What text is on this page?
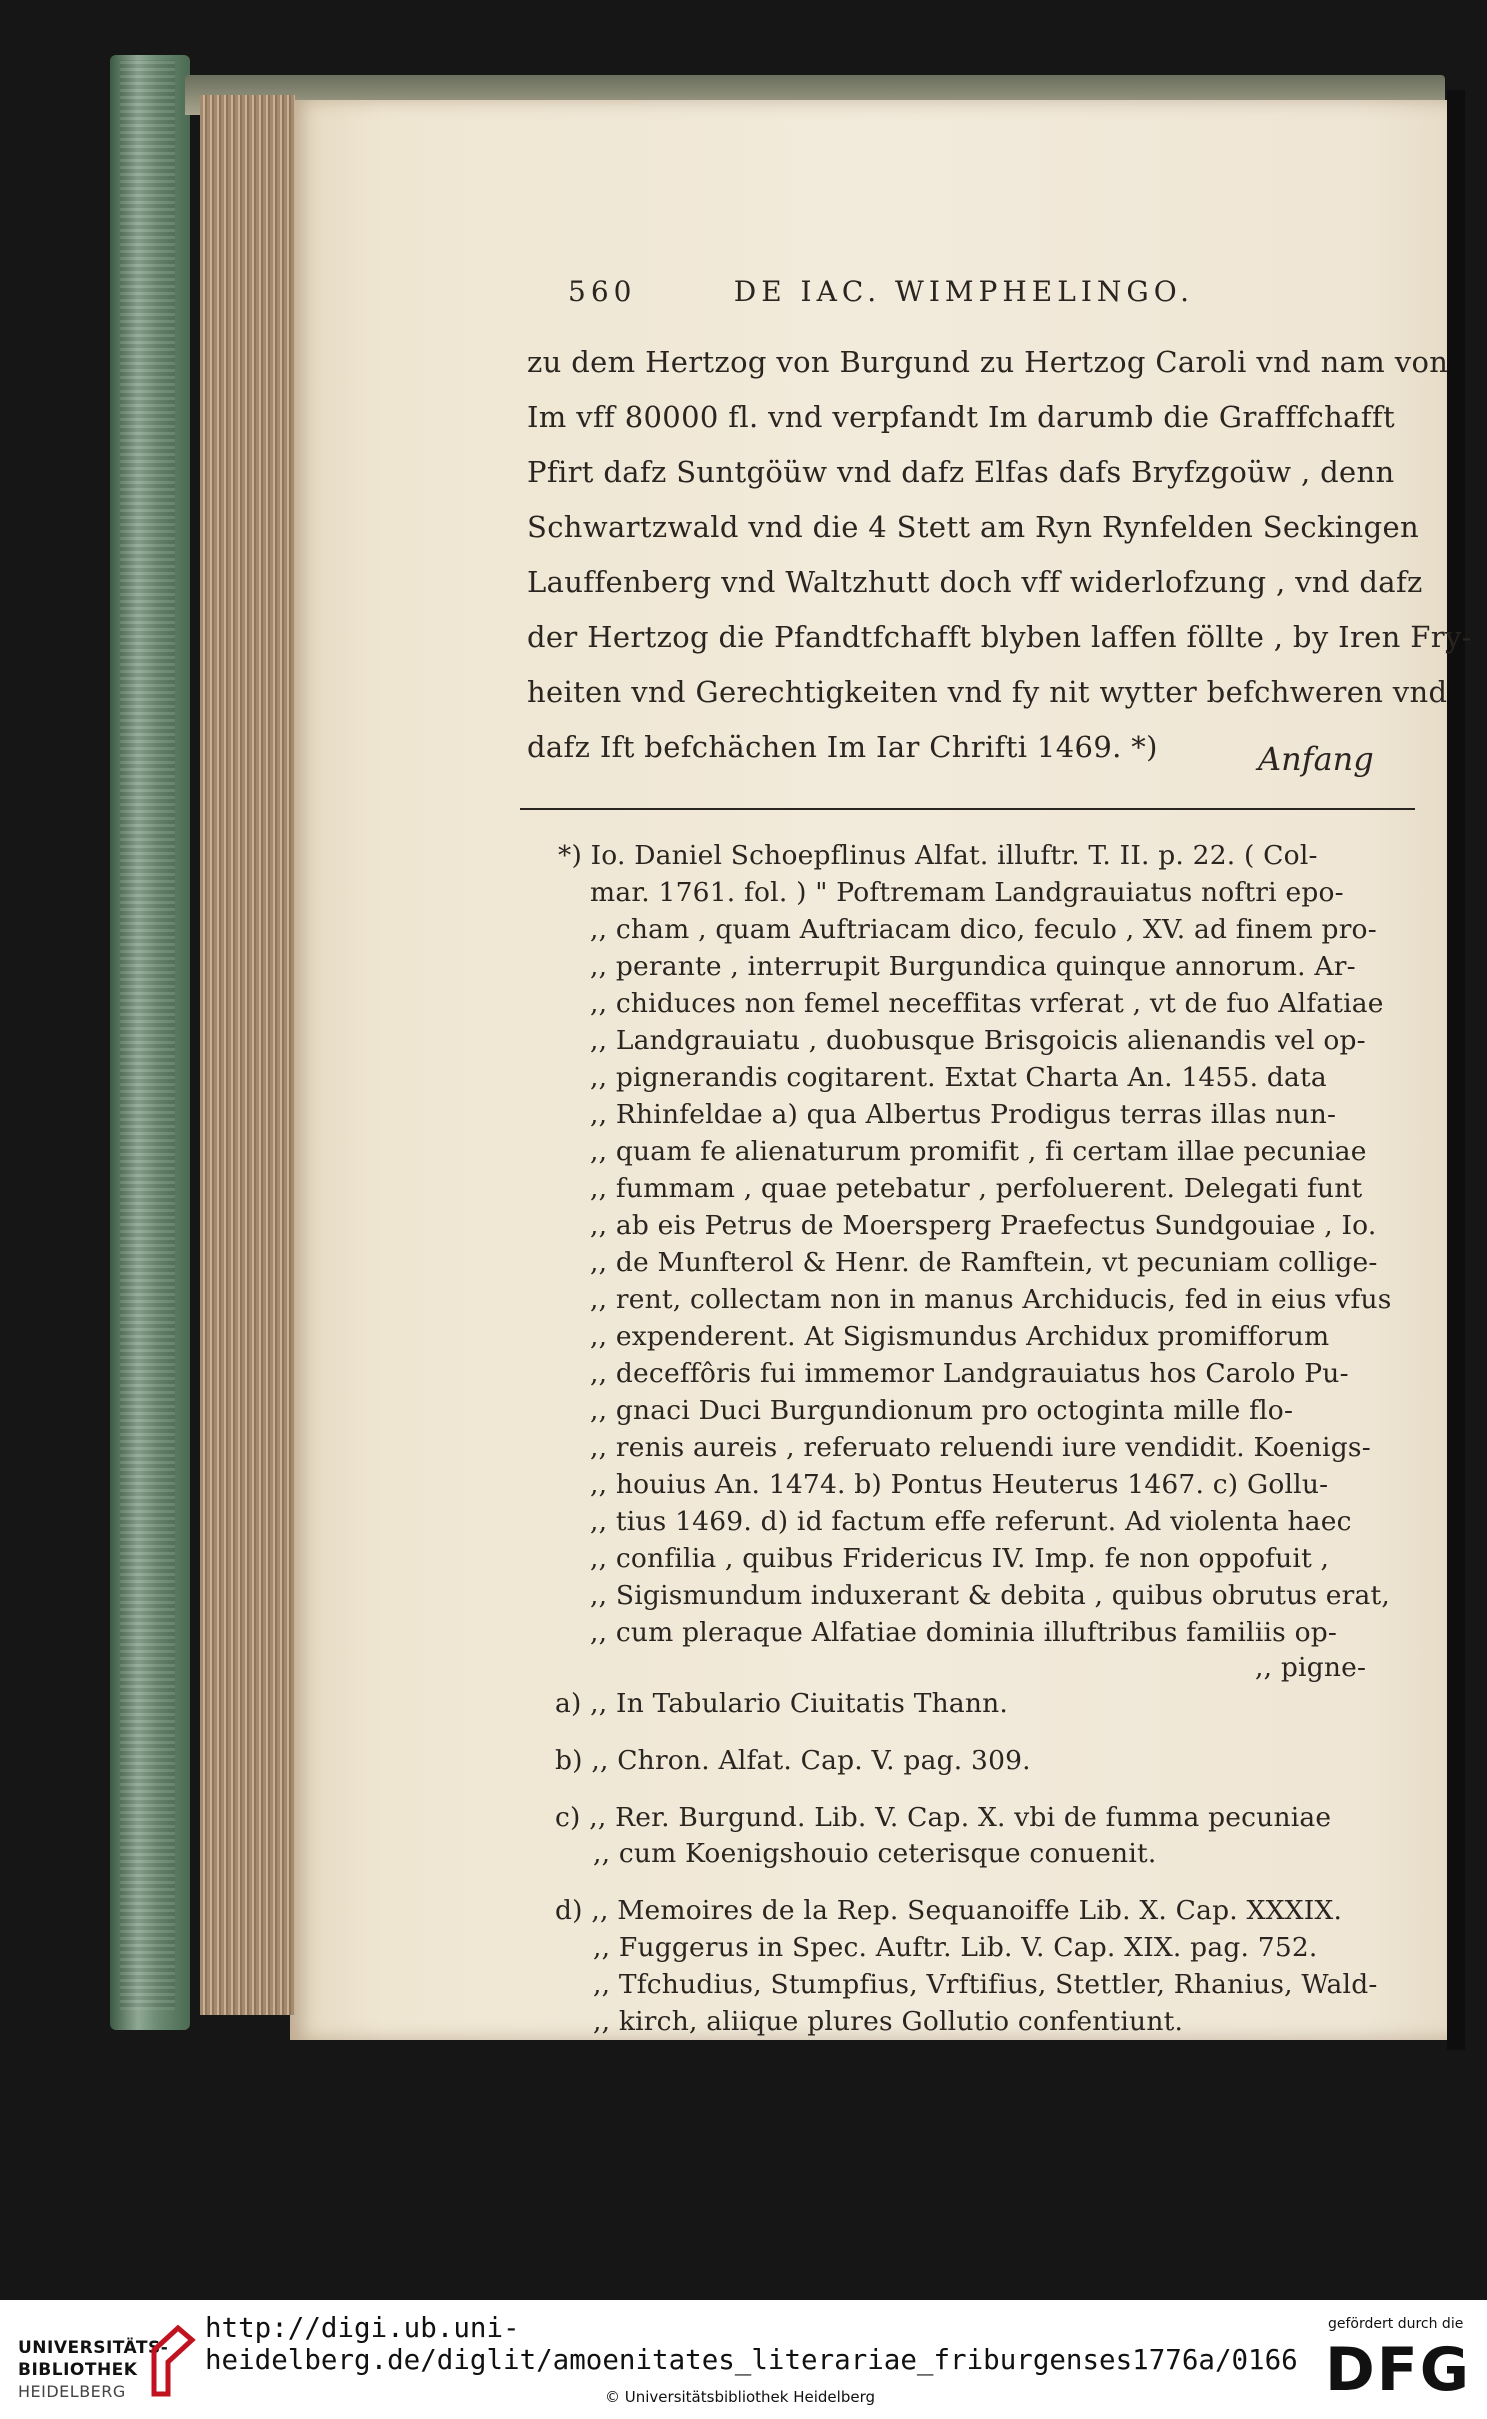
560       DE IAC. WIMPHELINGO.
zu dem Hertzog von Burgund zu Hertzog Caroli vnd nam von
Im vff 80000 fl. vnd verpfandt Im darumb die Grafffchafft
Pfirt dafz Suntgöüw vnd dafz Elfas dafs Bryfzgoüw , denn
Schwartzwald vnd die 4 Stett am Ryn Rynfelden Seckingen
Lauffenberg vnd Waltzhutt doch vff widerlofzung , vnd dafz
der Hertzog die Pfandtfchafft blyben laffen föllte , by Iren Fry-
heiten vnd Gerechtigkeiten vnd fy nit wytter befchweren vnd
dafz Ift befchächen Im Iar Chrifti 1469. *)	Anfang
*) Io. Daniel Schoepflinus Alfat. illuftr. T. II. p. 22. ( Col-
mar. 1761. fol. ) " Poftremam Landgrauiatus noftri epo-
,, cham , quam Auftriacam dico, feculo , XV. ad finem pro-
,, perante , interrupit Burgundica quinque annorum. Ar-
,, chiduces non femel neceffitas vrferat , vt de fuo Alfatiae
,, Landgrauiatu , duobusque Brisgoicis alienandis vel op-
,, pignerandis cogitarent. Extat Charta An. 1455. data
,, Rhinfeldae a) qua Albertus Prodigus terras illas nun-
,, quam fe alienaturum promifit , fi certam illae pecuniae
,, fummam , quae petebatur , perfoluerent. Delegati funt
,, ab eis Petrus de Moersperg Praefectus Sundgouiae , Io.
,, de Munfterol & Henr. de Ramftein, vt pecuniam collige-
,, rent, collectam non in manus Archiducis, fed in eius vfus
,, expenderent. At Sigismundus Archidux promifforum
,, deceffôris fui immemor Landgrauiatus hos Carolo Pu-
,, gnaci Duci Burgundionum pro octoginta mille flo-
,, renis aureis , referuato reluendi iure vendidit. Koenigs-
,, houius An. 1474. b) Pontus Heuterus 1467. c) Gollu-
,, tius 1469. d) id factum effe referunt. Ad violenta haec
,, confilia , quibus Fridericus IV. Imp. fe non oppofuit ,
,, Sigismundum induxerant & debita , quibus obrutus erat,
,, cum pleraque Alfatiae dominia illuftribus familiis op-
,, pigne-
a) ,, In Tabulario Ciuitatis Thann.
b) ,, Chron. Alfat. Cap. V. pag. 309.
c) ,, Rer. Burgund. Lib. V. Cap. X. vbi de fumma pecuniae
,, cum Koenigshouio ceterisque conuenit.
d) ,, Memoires de la Rep. Sequanoiffe Lib. X. Cap. XXXIX.
,, Fuggerus in Spec. Auftr. Lib. V. Cap. XIX. pag. 752.
,, Tfchudius, Stumpfius, Vrftifius, Stettler, Rhanius, Wald-
,, kirch, aliique plures Gollutio confentiunt.
UNIVERSITÄTS-
BIBLIOTHEK
HEIDELBERG
http://digi.ub.uni-heidelberg.de/diglit/amoenitates_literariae_friburgenses1776a/0166
© Universitätsbibliothek Heidelberg
gefördert durch die
DFG
